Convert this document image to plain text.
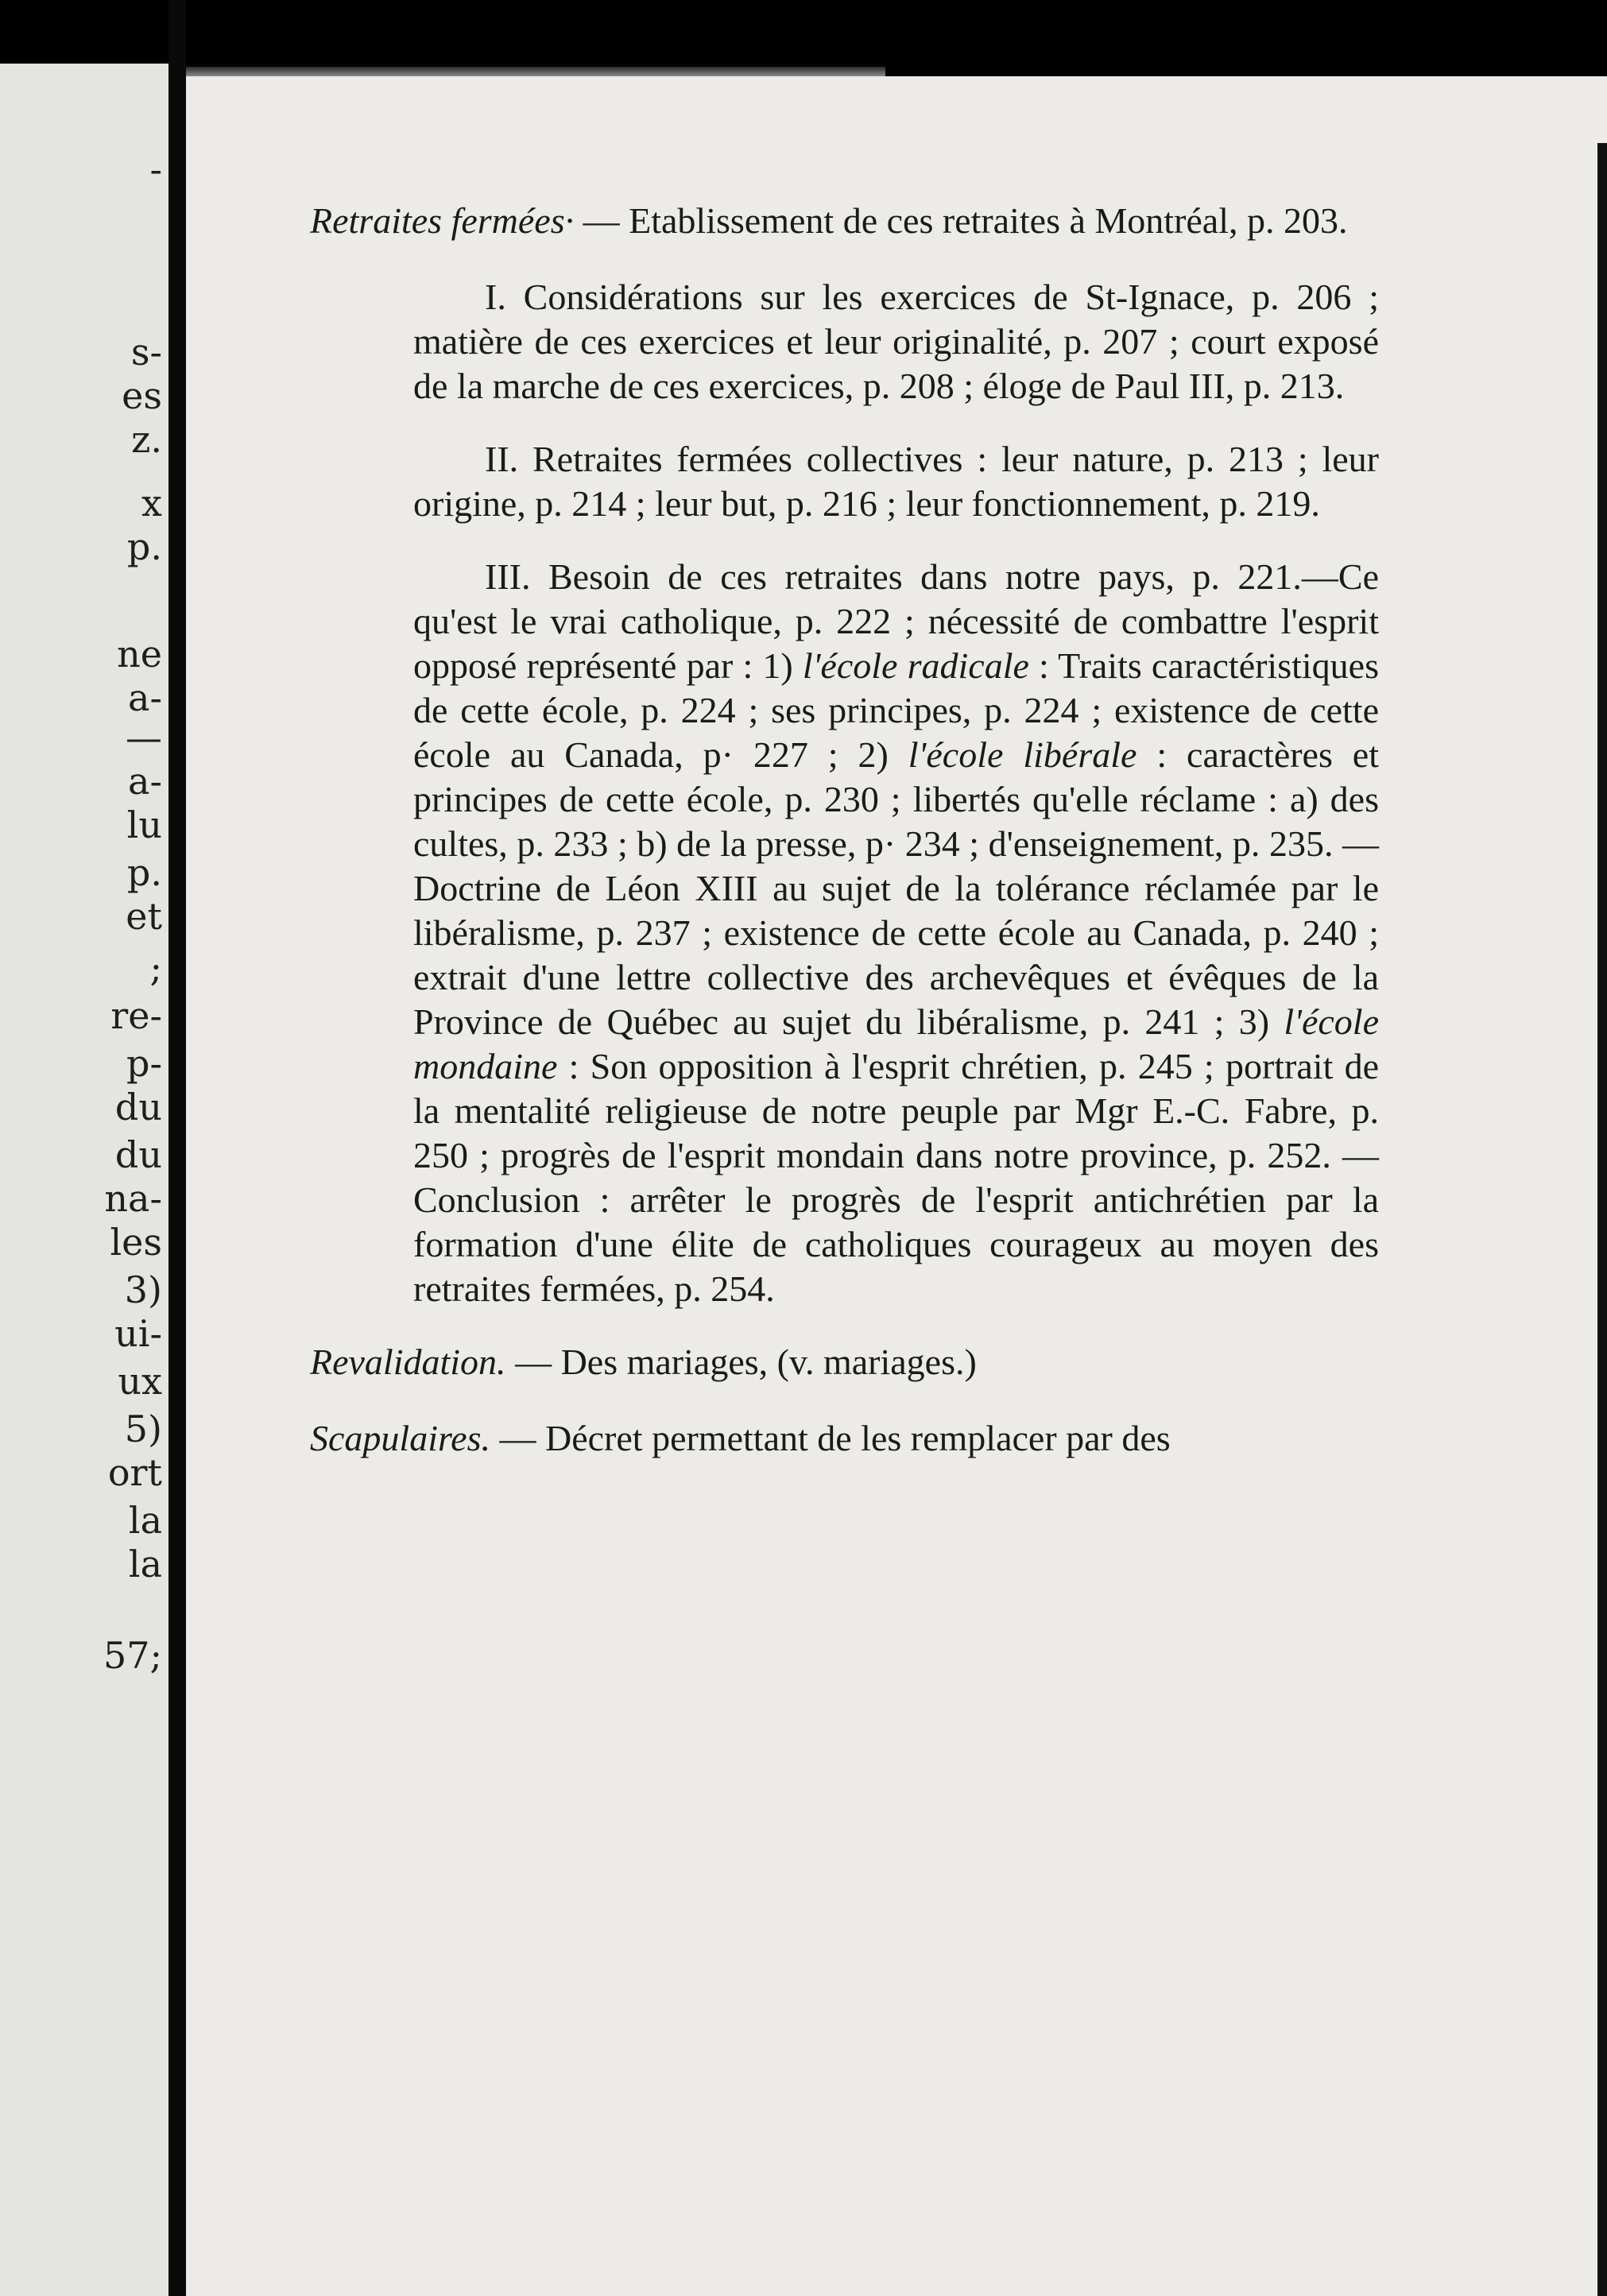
-
s-
es
z.
x
p.
ne
a-
—
a-
lu
p.
et
;
re-
p-
du
du
na-
les
3)
ui-
ux
5)
ort
la
la
57;

Retraites fermées· — Etablissement de ces retraites à Montréal, p. 203.

I. Considérations sur les exercices de St-Ignace, p. 206 ; matière de ces exercices et leur originalité, p. 207 ; court exposé de la marche de ces exercices, p. 208 ; éloge de Paul III, p. 213.

II. Retraites fermées collectives : leur nature, p. 213 ; leur origine, p. 214 ; leur but, p. 216 ; leur fonctionnement, p. 219.

III. Besoin de ces retraites dans notre pays, p. 221.—Ce qu'est le vrai catholique, p. 222 ; nécessité de combattre l'esprit opposé représenté par : 1) l'école radicale : Traits caractéristiques de cette école, p. 224 ; ses principes, p. 224 ; existence de cette école au Canada, p· 227 ; 2) l'école libérale : caractères et principes de cette école, p. 230 ; libertés qu'elle réclame : a) des cultes, p. 233 ; b) de la presse, p· 234 ; d'enseignement, p. 235. — Doctrine de Léon XIII au sujet de la tolérance réclamée par le libéralisme, p. 237 ; existence de cette école au Canada, p. 240 ; extrait d'une lettre collective des archevêques et évêques de la Province de Québec au sujet du libéralisme, p. 241 ; 3) l'école mondaine : Son opposition à l'esprit chrétien, p. 245 ; portrait de la mentalité religieuse de notre peuple par Mgr E.-C. Fabre, p. 250 ; progrès de l'esprit mondain dans notre province, p. 252. — Conclusion : arrêter le progrès de l'esprit antichrétien par la formation d'une élite de catholiques courageux au moyen des retraites fermées, p. 254.

Revalidation. — Des mariages, (v. mariages.)

Scapulaires. — Décret permettant de les remplacer par des
